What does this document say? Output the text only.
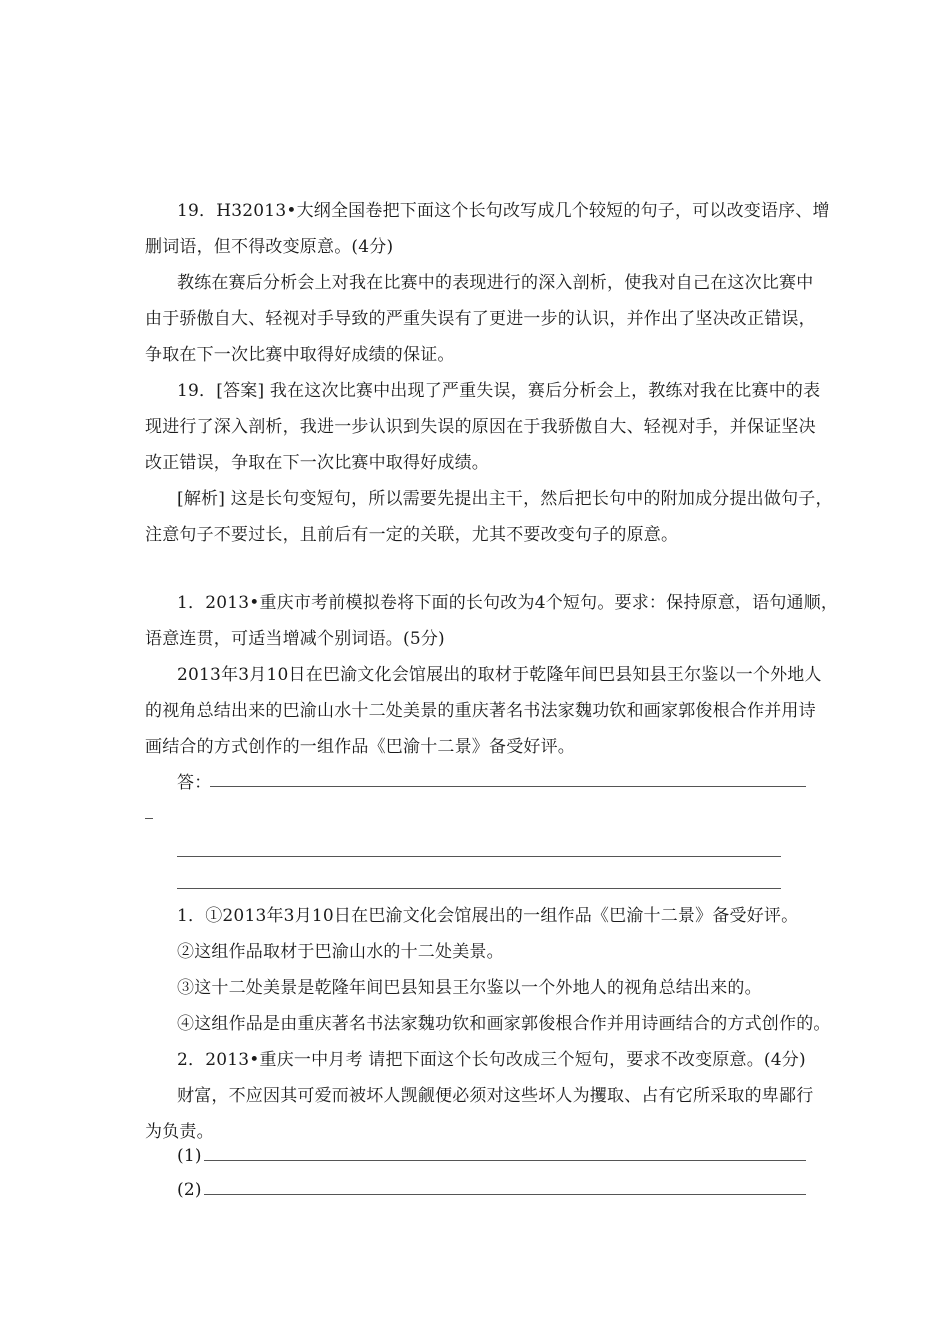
19．H32013•大纲全国卷把下面这个长句改写成几个较短的句子，可以改变语序、增
删词语，但不得改变原意。(4分)
教练在赛后分析会上对我在比赛中的表现进行的深入剖析，使我对自己在这次比赛中
由于骄傲自大、轻视对手导致的严重失误有了更进一步的认识，并作出了坚决改正错误，
争取在下一次比赛中取得好成绩的保证。
19．[答案] 我在这次比赛中出现了严重失误，赛后分析会上，教练对我在比赛中的表
现进行了深入剖析，我进一步认识到失误的原因在于我骄傲自大、轻视对手，并保证坚决
改正错误，争取在下一次比赛中取得好成绩。
[解析] 这是长句变短句，所以需要先提出主干，然后把长句中的附加成分提出做句子，
注意句子不要过长，且前后有一定的关联，尤其不要改变句子的原意。
1．2013•重庆市考前模拟卷将下面的长句改为4个短句。要求：保持原意，语句通顺，
语意连贯，可适当增减个别词语。(5分)
2013年3月10日在巴渝文化会馆展出的取材于乾隆年间巴县知县王尔鉴以一个外地人
的视角总结出来的巴渝山水十二处美景的重庆著名书法家魏功钦和画家郭俊根合作并用诗
画结合的方式创作的一组作品《巴渝十二景》备受好评。
答：
1．①2013年3月10日在巴渝文化会馆展出的一组作品《巴渝十二景》备受好评。
②这组作品取材于巴渝山水的十二处美景。
③这十二处美景是乾隆年间巴县知县王尔鉴以一个外地人的视角总结出来的。
④这组作品是由重庆著名书法家魏功钦和画家郭俊根合作并用诗画结合的方式创作的。
2．2013•重庆一中月考 请把下面这个长句改成三个短句，要求不改变原意。(4分)
财富，不应因其可爱而被坏人觊觎便必须对这些坏人为攫取、占有它所采取的卑鄙行
为负责。
(1)
(2)
